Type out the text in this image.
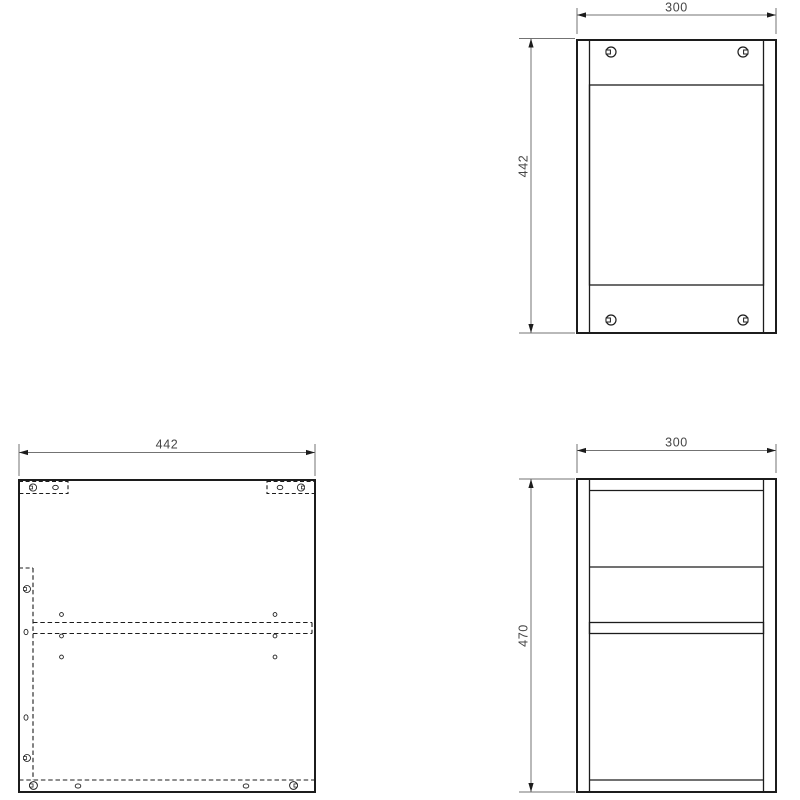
300
442
442	300
470
